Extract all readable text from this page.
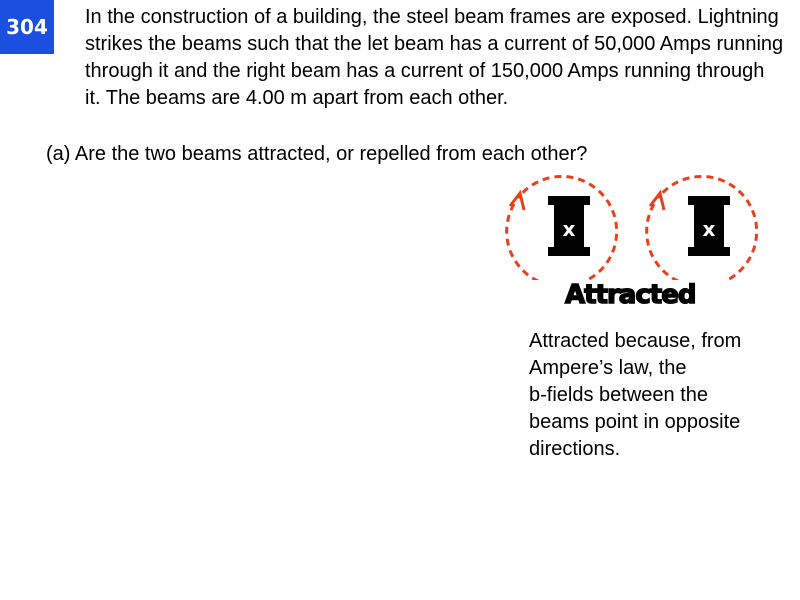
304 In the construction of a building, the steel beam frames are exposed. Lightning strikes the beams such that the let beam has a current of 50,000 Amps running through it and the right beam has a current of 150,000 Amps running through it. The beams are 4.00 m apart from each other.

(a) Are the two beams attracted, or repelled from each other?

x	x

Attracted

Attracted because, from
Ampere’s law, the
b-fields between the
beams point in opposite
directions.
